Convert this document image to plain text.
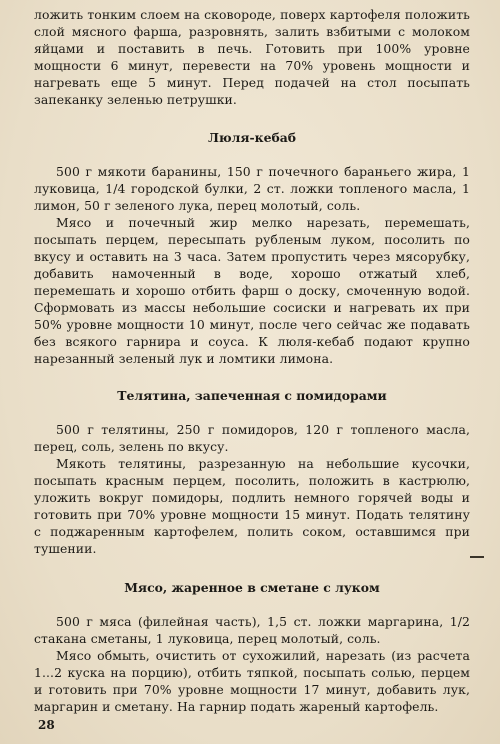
ложить тонким слоем на сковороде, поверх картофеля положить слой мясного фарша, разровнять, залить взбитыми с молоком яйцами и поставить в печь. Готовить при 100% уровне мощности 6 минут, перевести на 70% уровень мощности и нагревать еще 5 минут. Перед подачей на стол посыпать запеканку зеленью петрушки.

Люля-кебаб

500 г мякоти баранины, 150 г почечного бараньего жира, 1 луковица, 1/4 городской булки, 2 ст. ложки топленого масла, 1 лимон, 50 г зеленого лука, перец молотый, соль.

Мясо и почечный жир мелко нарезать, перемешать, посыпать перцем, пересыпать рубленым луком, посолить по вкусу и оставить на 3 часа. Затем пропустить через мясорубку, добавить намоченный в воде, хорошо отжатый хлеб, перемешать и хорошо отбить фарш о доску, смоченную водой. Сформовать из массы небольшие сосиски и нагревать их при 50% уровне мощности 10 минут, после чего сейчас же подавать без всякого гарнира и соуса. К люля-кебаб подают крупно нарезанный зеленый лук и ломтики лимона.

Телятина, запеченная с помидорами

500 г телятины, 250 г помидоров, 120 г топленого масла, перец, соль, зелень по вкусу.

Мякоть телятины, разрезанную на небольшие кусочки, посыпать красным перцем, посолить, положить в кастрюлю, уложить вокруг помидоры, подлить немного горячей воды и готовить при 70% уровне мощности 15 минут. Подать телятину с поджаренным картофелем, полить соком, оставшимся при тушении.

Мясо, жаренное в сметане с луком

500 г мяса (филейная часть), 1,5 ст. ложки маргарина, 1/2 стакана сметаны, 1 луковица, перец молотый, соль.

Мясо обмыть, очистить от сухожилий, нарезать (из расчета 1...2 куска на порцию), отбить тяпкой, посыпать солью, перцем и готовить при 70% уровне мощности 17 минут, добавить лук, маргарин и сметану. На гарнир подать жареный картофель.

28
